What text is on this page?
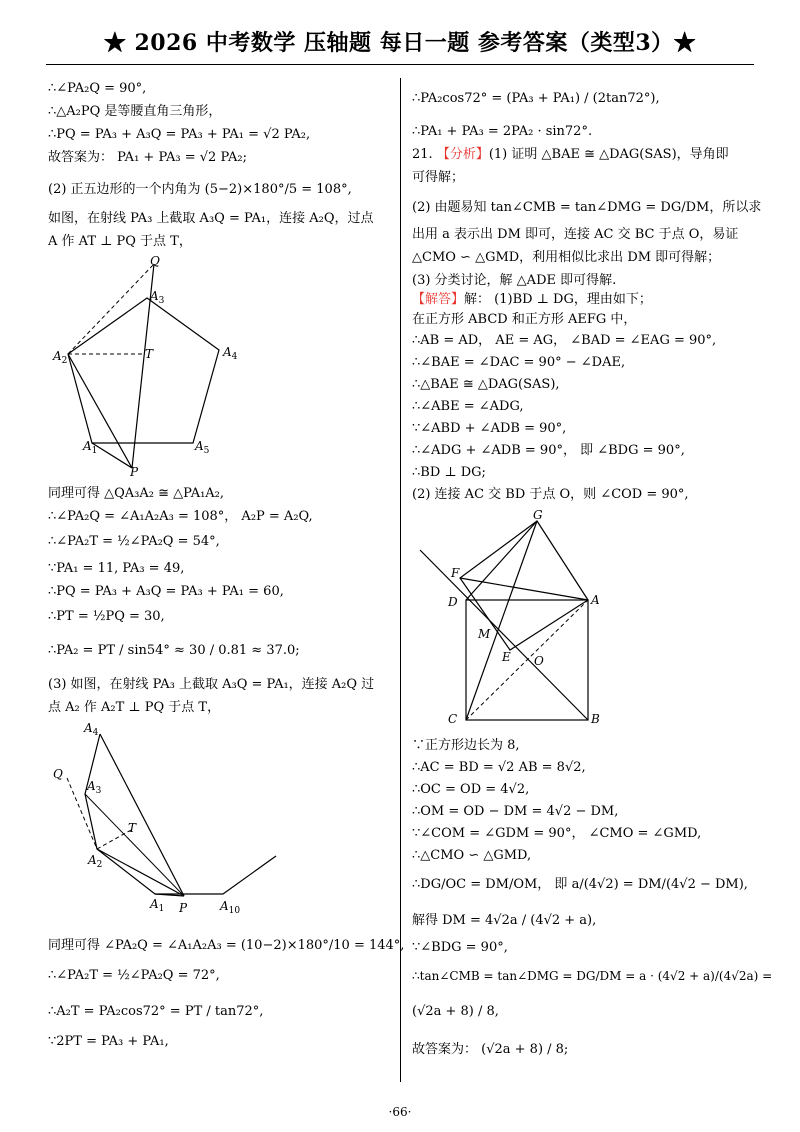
★ 2026 中考数学 压轴题 每日一题 参考答案（类型3）★
∴∠PA₂Q = 90°,
∴△A₂PQ 是等腰直角三角形，
∴PQ = PA₃ + A₃Q = PA₃ + PA₁ = √2 PA₂,
故答案为： PA₁ + PA₃ = √2 PA₂;
(2) 正五边形的一个内角为 (5−2)×180°/5 = 108°,
如图，在射线 PA₃ 上截取 A₃Q = PA₁，连接 A₂Q，过点
A 作 AT ⊥ PQ 于点 T，
Q
$A_3$
$A_2$	T	$A_4$
$A_1$	$A_5$
P
同理可得 △QA₃A₂ ≅ △PA₁A₂,
∴∠PA₂Q = ∠A₁A₂A₃ = 108°， A₂P = A₂Q,
∴∠PA₂T = ½∠PA₂Q = 54°,
∵PA₁ = 11, PA₃ = 49,
∴PQ = PA₃ + A₃Q = PA₃ + PA₁ = 60,
∴PT = ½PQ = 30,
∴PA₂ = PT / sin54° ≈ 30 / 0.81 ≈ 37.0;
(3) 如图，在射线 PA₃ 上截取 A₃Q = PA₁，连接 A₂Q 过
点 A₂ 作 A₂T ⊥ PQ 于点 T，
$A_4$
Q
$A_3$
T
$A_2$
$A_1$ P	$A_{10}$
同理可得 ∠PA₂Q = ∠A₁A₂A₃ = (10−2)×180°/10 = 144°,
∴∠PA₂T = ½∠PA₂Q = 72°,
∴A₂T = PA₂cos72° = PT / tan72°,
∵2PT = PA₃ + PA₁,
∴PA₂cos72° = (PA₃ + PA₁) / (2tan72°),
∴PA₁ + PA₃ = 2PA₂ · sin72°.
21. 【分析】(1) 证明 △BAE ≅ △DAG(SAS)，导角即
可得解；
(2) 由题易知 tan∠CMB = tan∠DMG = DG/DM，所以求
出用 a 表示出 DM 即可，连接 AC 交 BC 于点 O，易证
△CMO ∽ △GMD，利用相似比求出 DM 即可得解；
(3) 分类讨论，解 △ADE 即可得解.
【解答】解： (1)BD ⊥ DG，理由如下；
在正方形 ABCD 和正方形 AEFG 中，
∴AB = AD， AE = AG， ∠BAD = ∠EAG = 90°,
∴∠BAE = ∠DAC = 90° − ∠DAE,
∴△BAE ≅ △DAG(SAS),
∴∠ABE = ∠ADG,
∵∠ABD + ∠ADB = 90°,
∴∠ADG + ∠ADB = 90°， 即 ∠BDG = 90°,
∴BD ⊥ DG;
(2) 连接 AC 交 BD 于点 O，则 ∠COD = 90°,
G
F
D	A
M
E O
C	B
∵正方形边长为 8,
∴AC = BD = √2 AB = 8√2,
∴OC = OD = 4√2,
∴OM = OD − DM = 4√2 − DM,
∵∠COM = ∠GDM = 90°， ∠CMO = ∠GMD,
∴△CMO ∽ △GMD,
∴DG/OC = DM/OM， 即 a/(4√2) = DM/(4√2 − DM),
解得 DM = 4√2a / (4√2 + a),
∵∠BDG = 90°,
∴tan∠CMB = tan∠DMG = DG/DM = a · (4√2 + a)/(4√2a) =
(√2a + 8) / 8,
故答案为： (√2a + 8) / 8;
·66·
